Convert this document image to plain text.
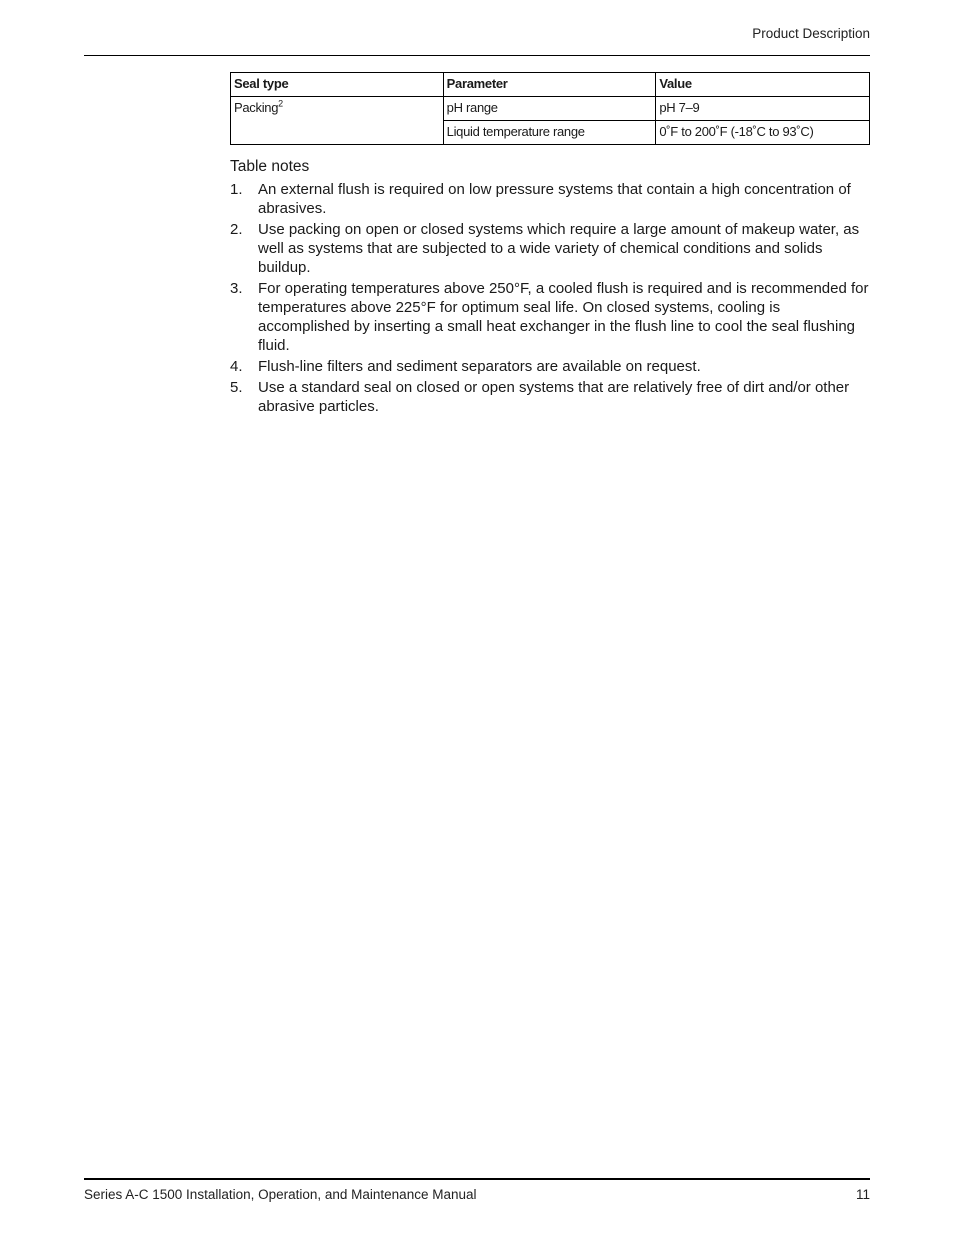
Product Description
Seal type	Parameter	Value
Packing$^2$	pH range	pH 7–9
	Liquid temperature range	0˚F to 200˚F (-18˚C to 93˚C)
Table notes
1. An external flush is required on low pressure systems that contain a high concentration of abrasives.
2. Use packing on open or closed systems which require a large amount of makeup water, as well as systems that are subjected to a wide variety of chemical conditions and solids buildup.
3. For operating temperatures above 250°F, a cooled flush is required and is recommended for temperatures above 225°F for optimum seal life. On closed systems, cooling is accomplished by inserting a small heat exchanger in the flush line to cool the seal flushing fluid.
4. Flush-line filters and sediment separators are available on request.
5. Use a standard seal on closed or open systems that are relatively free of dirt and/or other abrasive particles.
Series A-C 1500 Installation, Operation, and Maintenance Manual	11
